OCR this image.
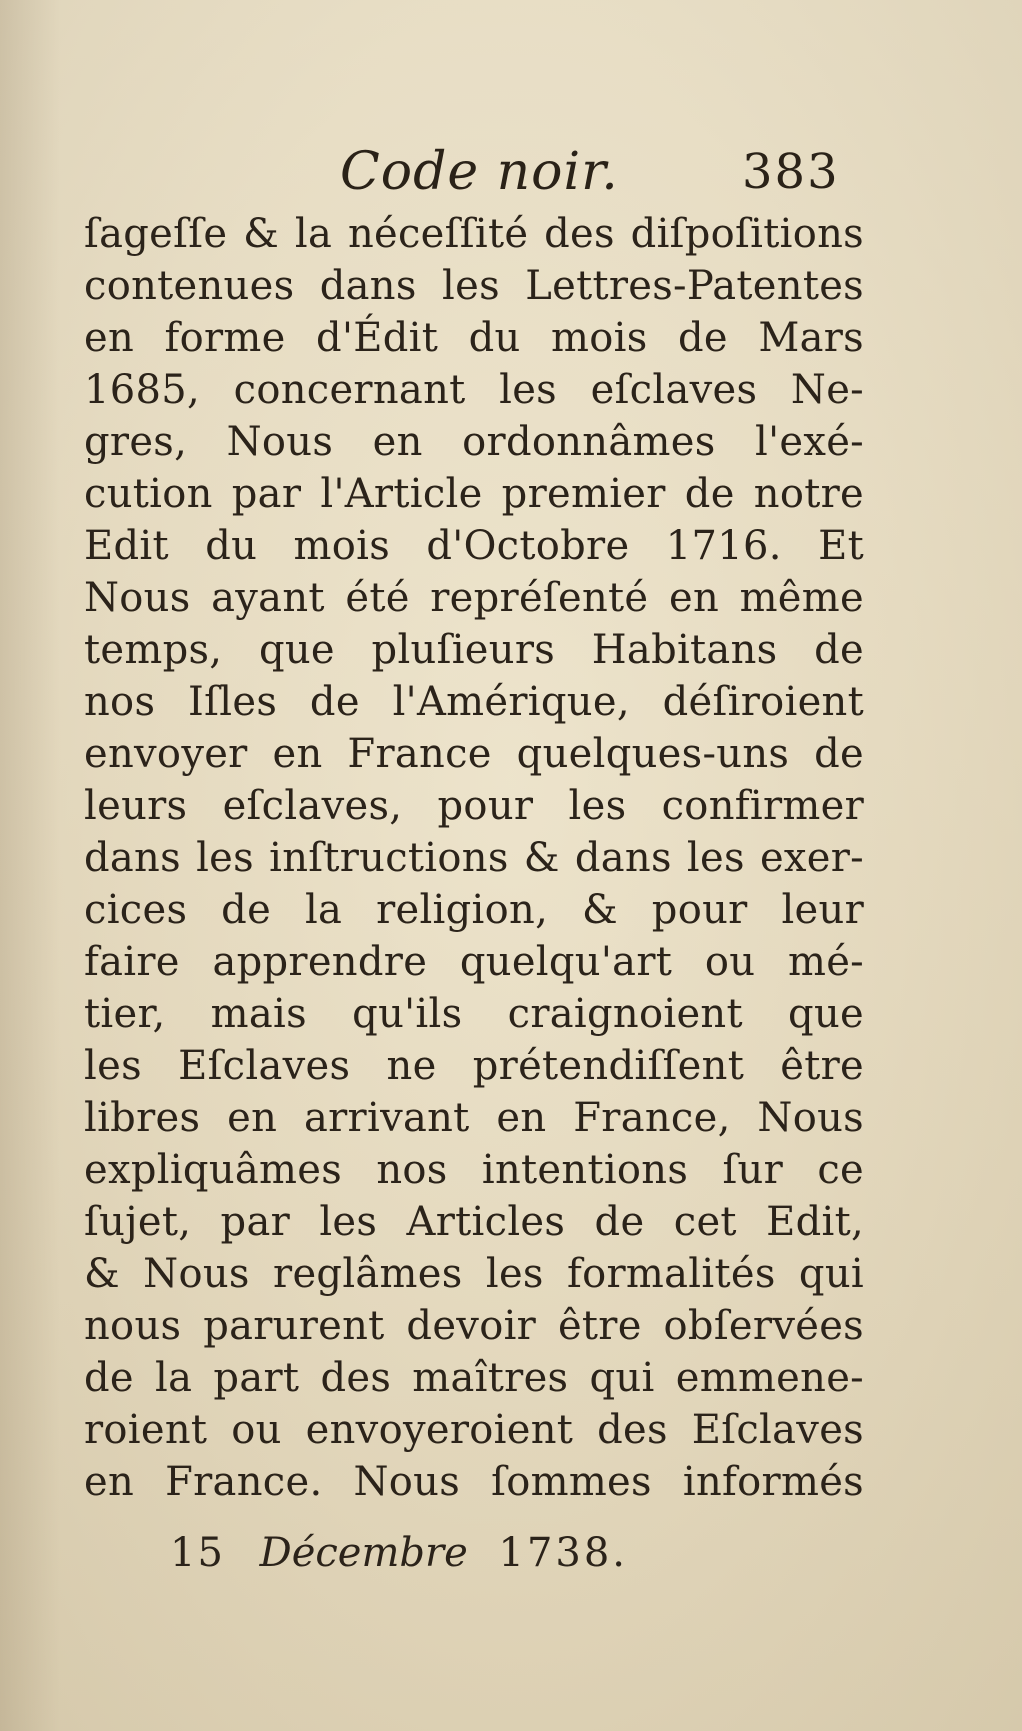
Code noir.	383
ſageſſe & la néceſſité des diſpoſitions
contenues dans les Lettres-Patentes
en forme d'Édit du mois de Mars
1685, concernant les eſclaves Ne-
gres, Nous en ordonnâmes l'exé-
cution par l'Article premier de notre
Edit du mois d'Octobre 1716. Et
Nous ayant été repréſenté en même
temps, que pluſieurs Habitans de
nos Iſles de l'Amérique, déſiroient
envoyer en France quelques-uns de
leurs eſclaves, pour les confirmer
dans les inſtructions & dans les exer-
cices de la religion, & pour leur
faire apprendre quelqu'art ou mé-
tier, mais qu'ils craignoient que
les Eſclaves ne prétendiſſent être
libres en arrivant en France, Nous
expliquâmes nos intentions ſur ce
ſujet, par les Articles de cet Edit,
& Nous reglâmes les formalités qui
nous parurent devoir être obſervées
de la part des maîtres qui emmene-
roient ou envoyeroient des Eſclaves
en France. Nous ſommes informés
15 Décembre 1738.
